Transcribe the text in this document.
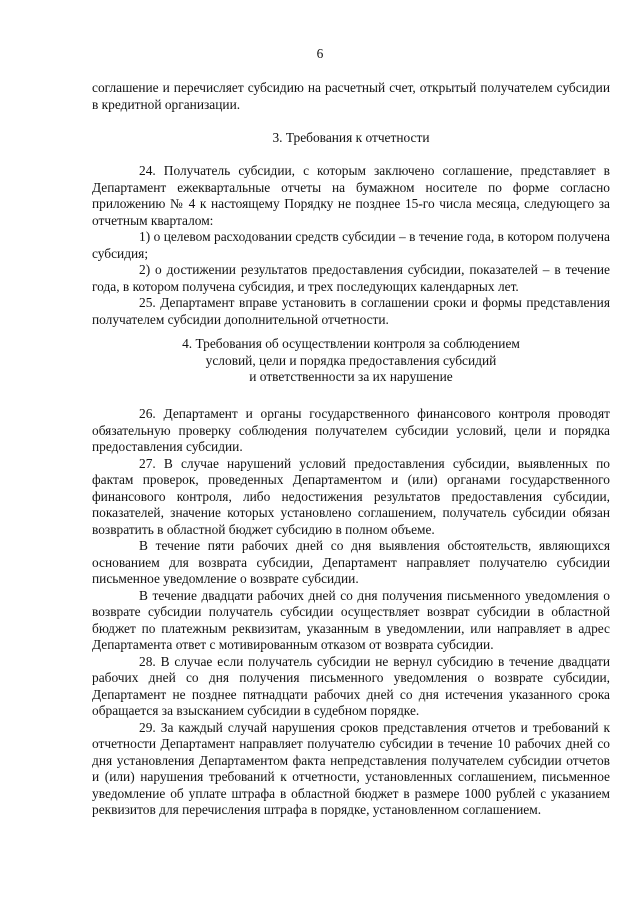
6

соглашение и перечисляет субсидию на расчетный счет, открытый получателем субсидии в кредитной организации.

3. Требования к отчетности

24. Получатель субсидии, с которым заключено соглашение, представляет в Департамент ежеквартальные отчеты на бумажном носителе по форме согласно приложению № 4 к настоящему Порядку не позднее 15-го числа месяца, следующего за отчетным кварталом:

1) о целевом расходовании средств субсидии – в течение года, в котором получена субсидия;

2) о достижении результатов предоставления субсидии, показателей – в течение года, в котором получена субсидия, и трех последующих календарных лет.

25. Департамент вправе установить в соглашении сроки и формы представления получателем субсидии дополнительной отчетности.

4. Требования об осуществлении контроля за соблюдением

условий, цели и порядка предоставления субсидий

и ответственности за их нарушение

26. Департамент и органы государственного финансового контроля проводят обязательную проверку соблюдения получателем субсидии условий, цели и порядка предоставления субсидии.

27. В случае нарушений условий предоставления субсидии, выявленных по фактам проверок, проведенных Департаментом и (или) органами государственного финансового контроля, либо недостижения результатов предоставления субсидии, показателей, значение которых установлено соглашением, получатель субсидии обязан возвратить в областной бюджет субсидию в полном объеме.

В течение пяти рабочих дней со дня выявления обстоятельств, являющихся основанием для возврата субсидии, Департамент направляет получателю субсидии письменное уведомление о возврате субсидии.

В течение двадцати рабочих дней со дня получения письменного уведомления о возврате субсидии получатель субсидии осуществляет возврат субсидии в областной бюджет по платежным реквизитам, указанным в уведомлении, или направляет в адрес Департамента ответ с мотивированным отказом от возврата субсидии.

28. В случае если получатель субсидии не вернул субсидию в течение двадцати рабочих дней со дня получения письменного уведомления о возврате субсидии, Департамент не позднее пятнадцати рабочих дней со дня истечения указанного срока обращается за взысканием субсидии в судебном порядке.

29. За каждый случай нарушения сроков представления отчетов и требований к отчетности Департамент направляет получателю субсидии в течение 10 рабочих дней со дня установления Департаментом факта непредставления получателем субсидии отчетов и (или) нарушения требований к отчетности, установленных соглашением, письменное уведомление об уплате штрафа в областной бюджет в размере 1000 рублей с указанием реквизитов для перечисления штрафа в порядке, установленном соглашением.
